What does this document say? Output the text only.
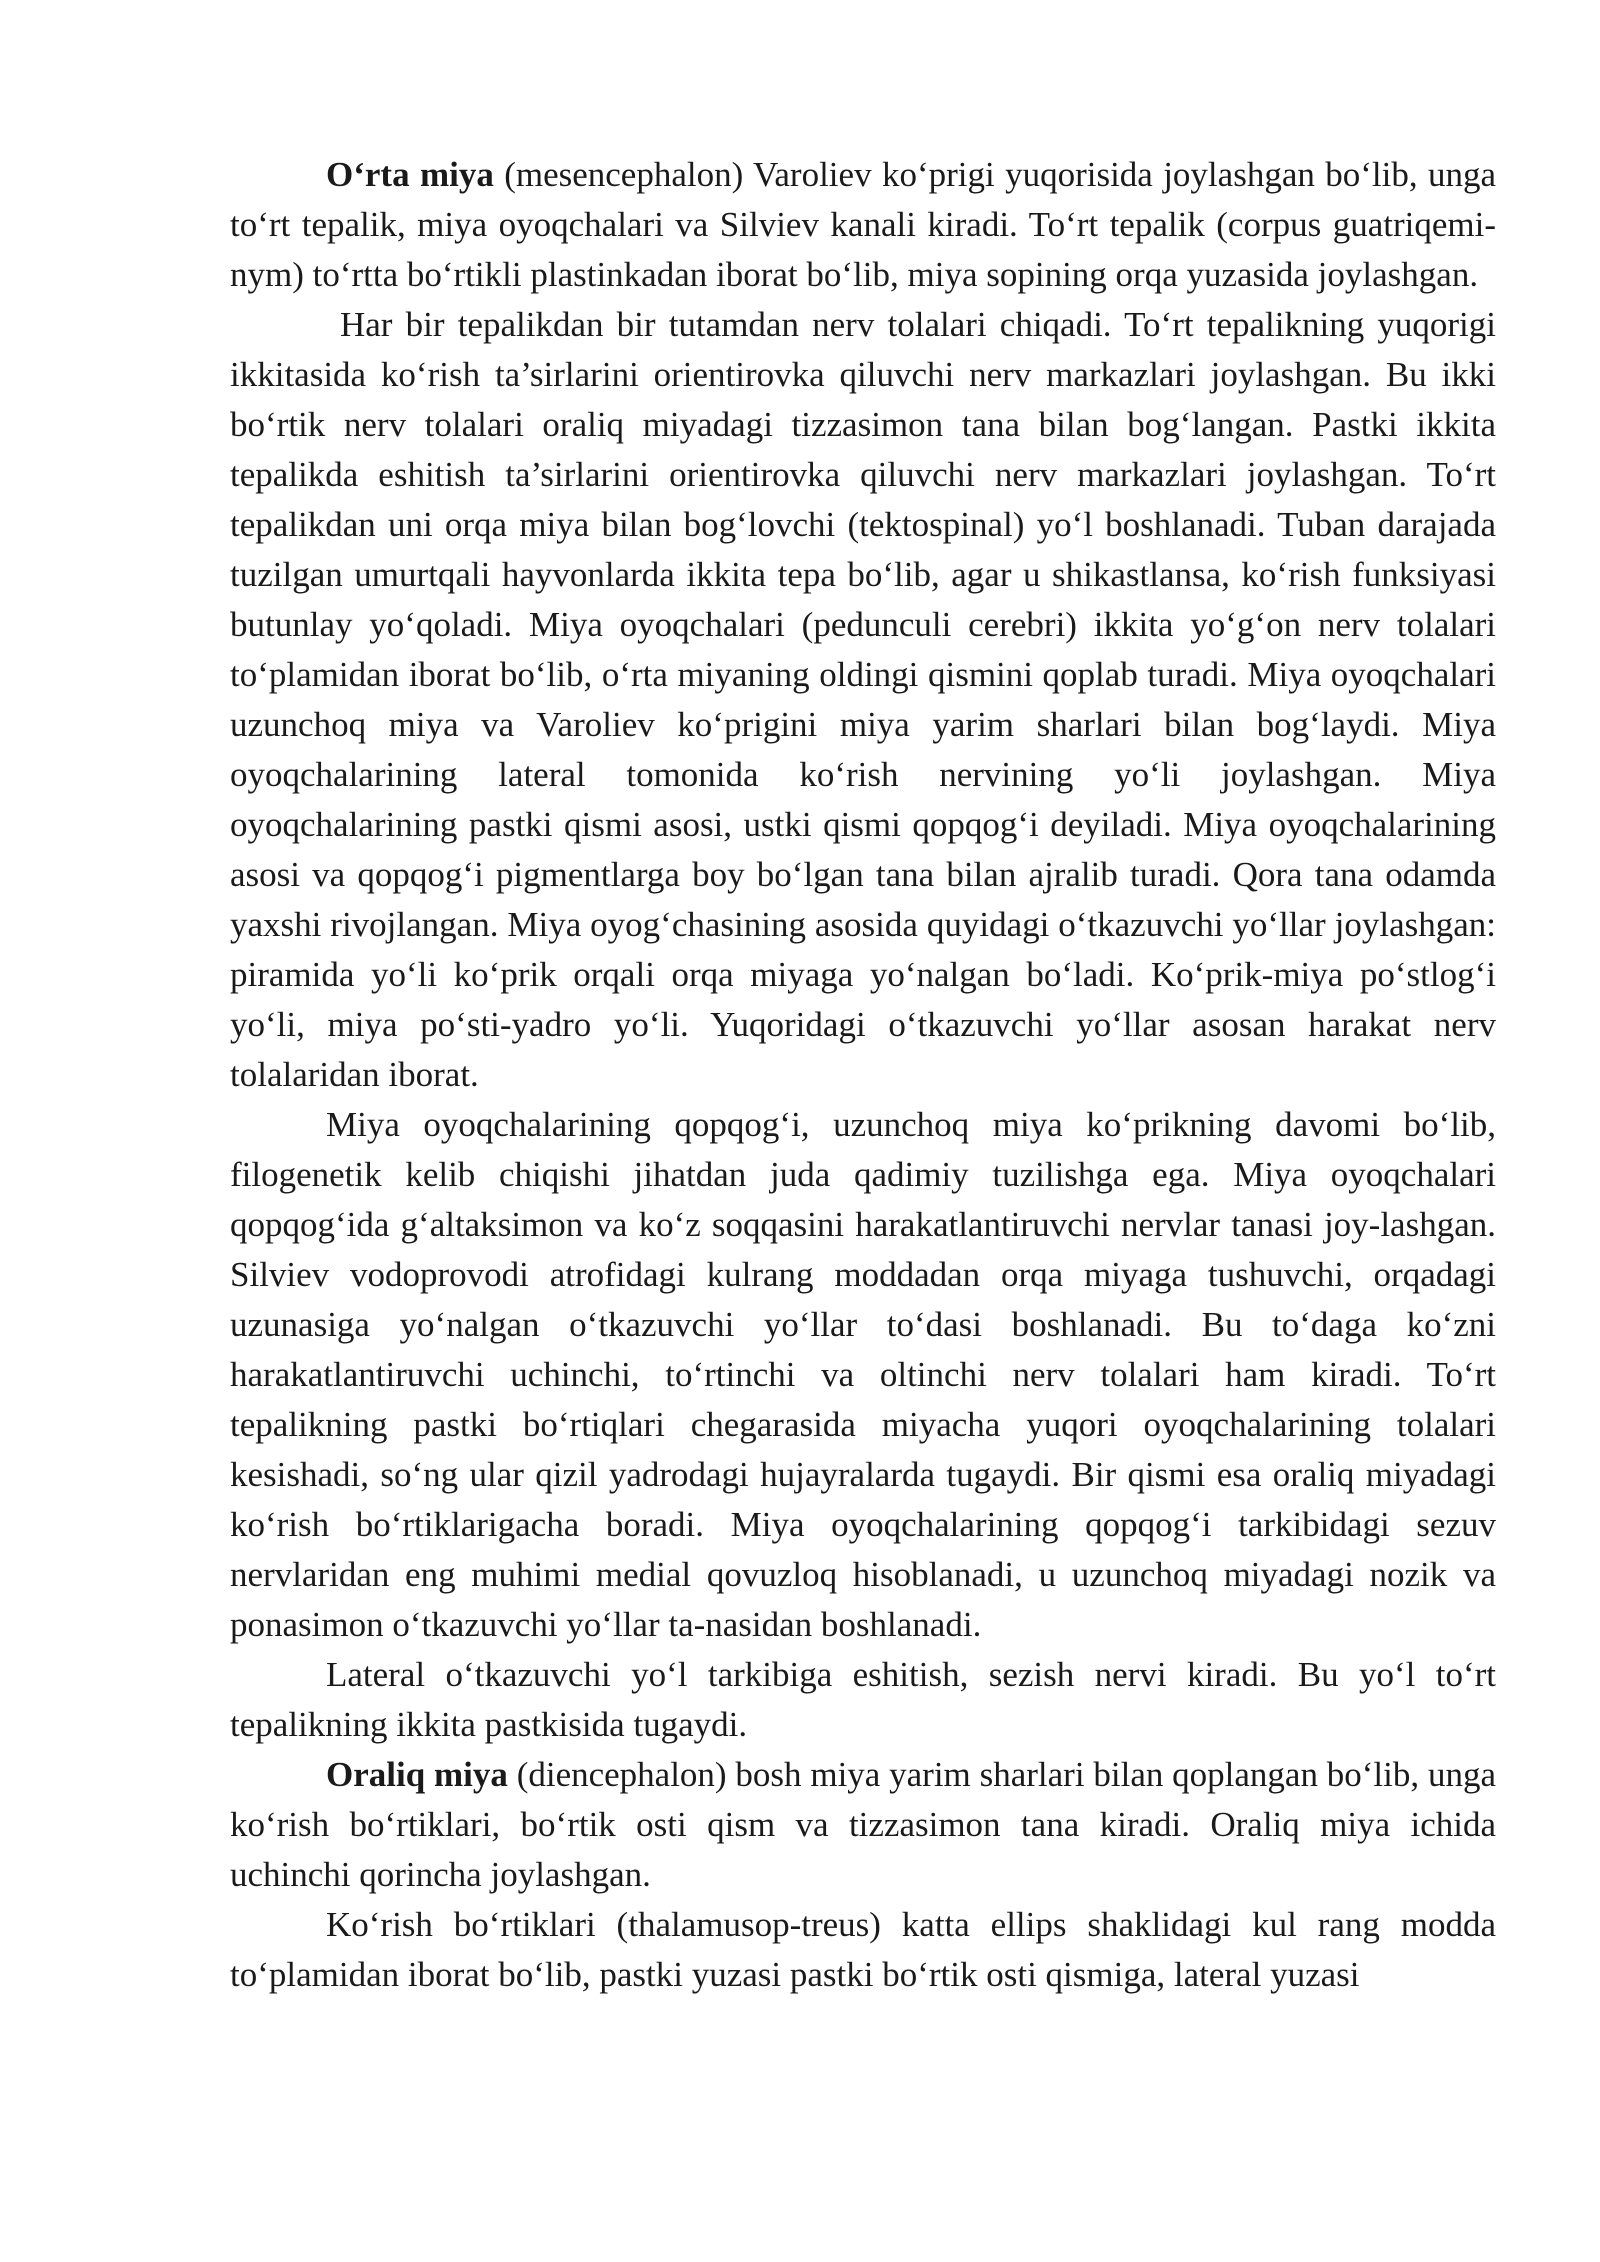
O‘rta miya (mesencephalon) Varoliev ko‘prigi yuqorisida joylashgan bo‘lib, unga to‘rt tepalik, miya oyoqchalari va Silviev kanali kiradi. To‘rt tepalik (corpus guatriqemi-nym) to‘rtta bo‘rtikli plastinkadan iborat bo‘lib, miya sopining orqa yuzasida joylashgan.

Har bir tepalikdan bir tutamdan nerv tolalari chiqadi. To‘rt tepalikning yuqorigi ikkitasida ko‘rish ta’sirlarini orientirovka qiluvchi nerv markazlari joylashgan. Bu ikki bo‘rtik nerv tolalari oraliq miyadagi tizzasimon tana bilan bog‘langan. Pastki ikkita tepalikda eshitish ta’sirlarini orientirovka qiluvchi nerv markazlari joylashgan. To‘rt tepalikdan uni orqa miya bilan bog‘lovchi (tektospinal) yo‘l boshlanadi. Tuban darajada tuzilgan umurtqali hayvonlarda ikkita tepa bo‘lib, agar u shikastlansa, ko‘rish funksiyasi butunlay yo‘qoladi. Miya oyoqchalari (pedunculi cerebri) ikkita yo‘g‘on nerv tolalari to‘plamidan iborat bo‘lib, o‘rta miyaning oldingi qismini qoplab turadi. Miya oyoqchalari uzunchoq miya va Varoliev ko‘prigini miya yarim sharlari bilan bog‘laydi. Miya oyoqchalarining lateral tomonida ko‘rish nervining yo‘li joylashgan. Miya oyoqchalarining pastki qismi asosi, ustki qismi qopqog‘i deyiladi. Miya oyoqchalarining asosi va qopqog‘i pigmentlarga boy bo‘lgan tana bilan ajralib turadi. Qora tana odamda yaxshi rivojlangan. Miya oyog‘chasining asosida quyidagi o‘tkazuvchi yo‘llar joylashgan: piramida yo‘li ko‘prik orqali orqa miyaga yo‘nalgan bo‘ladi. Ko‘prik-miya po‘stlog‘i yo‘li, miya po‘sti-yadro yo‘li. Yuqoridagi o‘tkazuvchi yo‘llar asosan harakat nerv tolalaridan iborat.

Miya oyoqchalarining qopqog‘i, uzunchoq miya ko‘prikning davomi bo‘lib, filogenetik kelib chiqishi jihatdan juda qadimiy tuzilishga ega. Miya oyoqchalari qopqog‘ida g‘altaksimon va ko‘z soqqasini harakatlantiruvchi nervlar tanasi joy-lashgan. Silviev vodoprovodi atrofidagi kulrang moddadan orqa miyaga tushuvchi, orqadagi uzunasiga yo‘nalgan o‘tkazuvchi yo‘llar to‘dasi boshlanadi. Bu to‘daga ko‘zni harakatlantiruvchi uchinchi, to‘rtinchi va oltinchi nerv tolalari ham kiradi. To‘rt tepalikning pastki bo‘rtiqlari chegarasida miyacha yuqori oyoqchalarining tolalari kesishadi, so‘ng ular qizil yadrodagi hujayralarda tugaydi. Bir qismi esa oraliq miyadagi ko‘rish bo‘rtiklarigacha boradi. Miya oyoqchalarining qopqog‘i tarkibidagi sezuv nervlaridan eng muhimi medial qovuzloq hisoblanadi, u uzunchoq miyadagi nozik va ponasimon o‘tkazuvchi yo‘llar ta-nasidan boshlanadi.

Lateral o‘tkazuvchi yo‘l tarkibiga eshitish, sezish nervi kiradi. Bu yo‘l to‘rt tepalikning ikkita pastkisida tugaydi.

Oraliq miya (diencephalon) bosh miya yarim sharlari bilan qoplangan bo‘lib, unga ko‘rish bo‘rtiklari, bo‘rtik osti qism va tizzasimon tana kiradi. Oraliq miya ichida uchinchi qorincha joylashgan.

Ko‘rish bo‘rtiklari (thalamusop-treus) katta ellips shaklidagi kul rang modda to‘plamidan iborat bo‘lib, pastki yuzasi pastki bo‘rtik osti qismiga, lateral yuzasi
